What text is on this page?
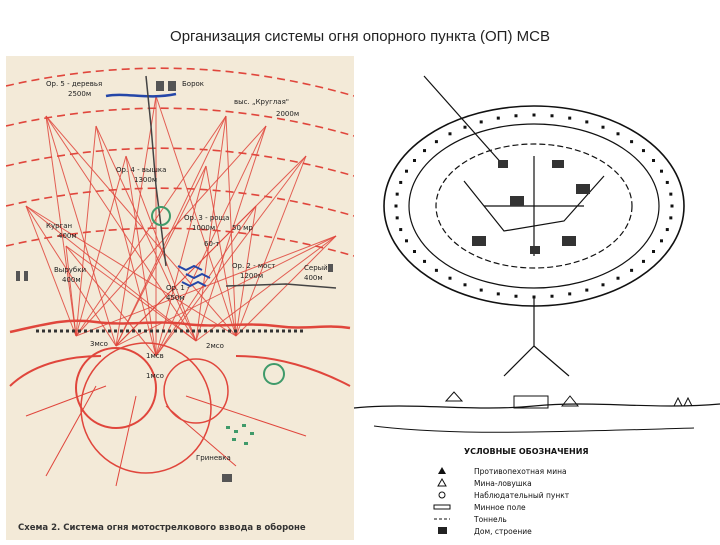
Организация системы огня опорного пункта (ОП) МСВ
Ор. 5 - деревья
2500м
Борок
выс. „Круглая"
2000м
Ор. 4 - вышка
1300м
Ор. 3 - роща
1000м 50 мр
Курган
400м
Вырубки
400м
Ор. 2 - мост
1200м
Серый
400м
Ор. 1 -
450м
60-т
1мсв
1мсо
3мсо	2мсо
Гриневка
Схема 2. Система огня мотострелкового взвода в обороне
УСЛОВНЫЕ ОБОЗНАЧЕНИЯ
Противопехотная мина
Мина-ловушка
Наблюдательный пункт
Минное поле
Тоннель
Дом, строение
